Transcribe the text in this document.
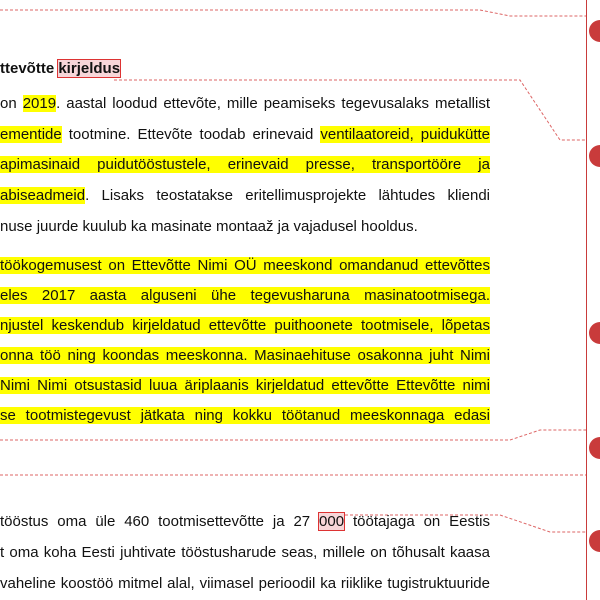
ttevõtte kirjeldus
on 2019. aastal loodud ettevõte, mille peamiseks tegevusalaks metallist
ementide tootmine. Ettevõte toodab erinevaid ventilaatoreid, puidukütte
apimasinaid puidutööstustele, erinevaid presse, transportööre ja
abiseadmeid. Lisaks teostatakse eritellimusprojekte lähtudes kliendi
nuse juurde kuulub ka masinate montaaž ja vajadusel hooldus.
töökogemusest on Ettevõtte Nimi OÜ meeskond omandanud ettevõttes
eles 2017 aasta alguseni ühe tegevusharuna masinatootmisega.
njustel keskendub kirjeldatud ettevõtte puithoonete tootmisele, lõpetas
onna töö ning koondas meeskonna. Masinaehituse osakonna juht Nimi
Nimi Nimi otsustasid luua äriplaanis kirjeldatud ettevõtte Ettevõtte nimi
se tootmistegevust jätkata ning kokku töötanud meeskonnaga edasi
tööstus oma üle 460 tootmisettevõtte ja 27 000 töötajaga on Eestis
t oma koha Eesti juhtivate tööstusharude seas, millele on tõhusalt kaasa
vaheline koostöö mitmel alal, viimasel perioodil ka riiklike tugistruktuuride
